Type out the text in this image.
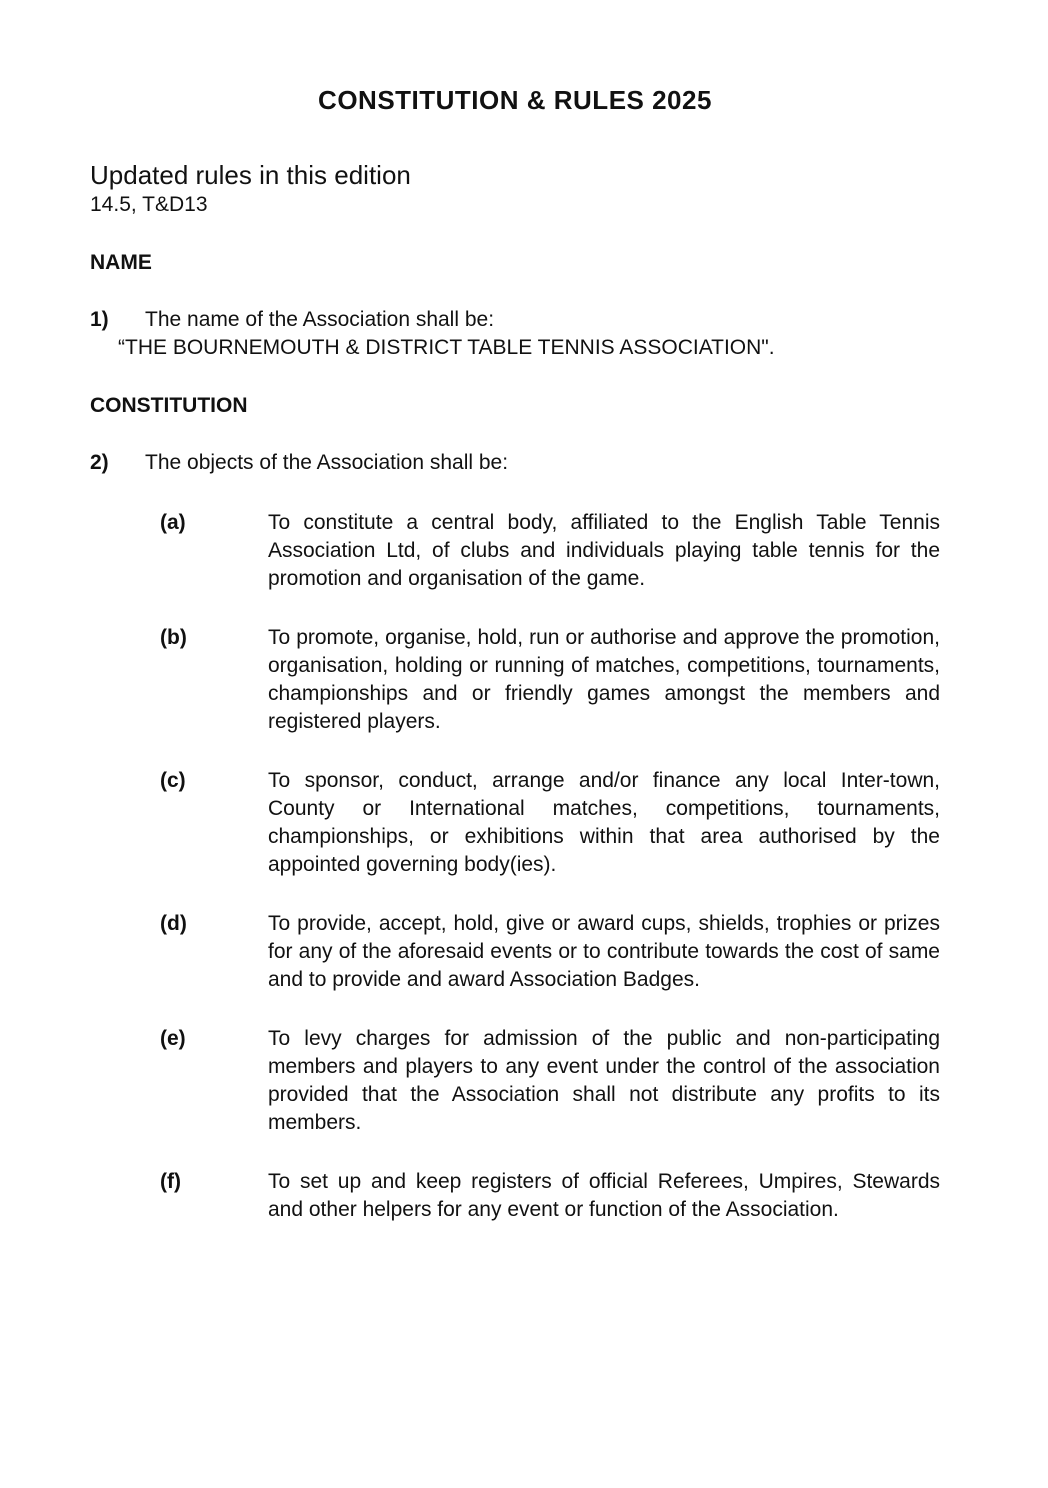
CONSTITUTION & RULES 2025

Updated rules in this edition

14.5, T&D13

NAME
1)	The name of the Association shall be:
“THE BOURNEMOUTH & DISTRICT TABLE TENNIS ASSOCIATION".
CONSTITUTION
2)	The objects of the Association shall be:
(a)	To constitute a central body, affiliated to the English Table Tennis Association Ltd, of clubs and individuals playing table tennis for the promotion and organisation of the game.

(b)	To promote, organise, hold, run or authorise and approve the promotion, organisation, holding or running of matches, competitions, tournaments, championships and or friendly games amongst the members and registered players.

(c)	To sponsor, conduct, arrange and/or finance any local Inter-town, County or International matches, competitions, tournaments, championships, or exhibitions within that area authorised by the appointed governing body(ies).

(d)	To provide, accept, hold, give or award cups, shields, trophies or prizes for any of the aforesaid events or to contribute towards the cost of same and to provide and award Association Badges.

(e)	To levy charges for admission of the public and non-participating members and players to any event under the control of the association provided that the Association shall not distribute any profits to its members.

(f)	To set up and keep registers of official Referees, Umpires, Stewards and other helpers for any event or function of the Association.
